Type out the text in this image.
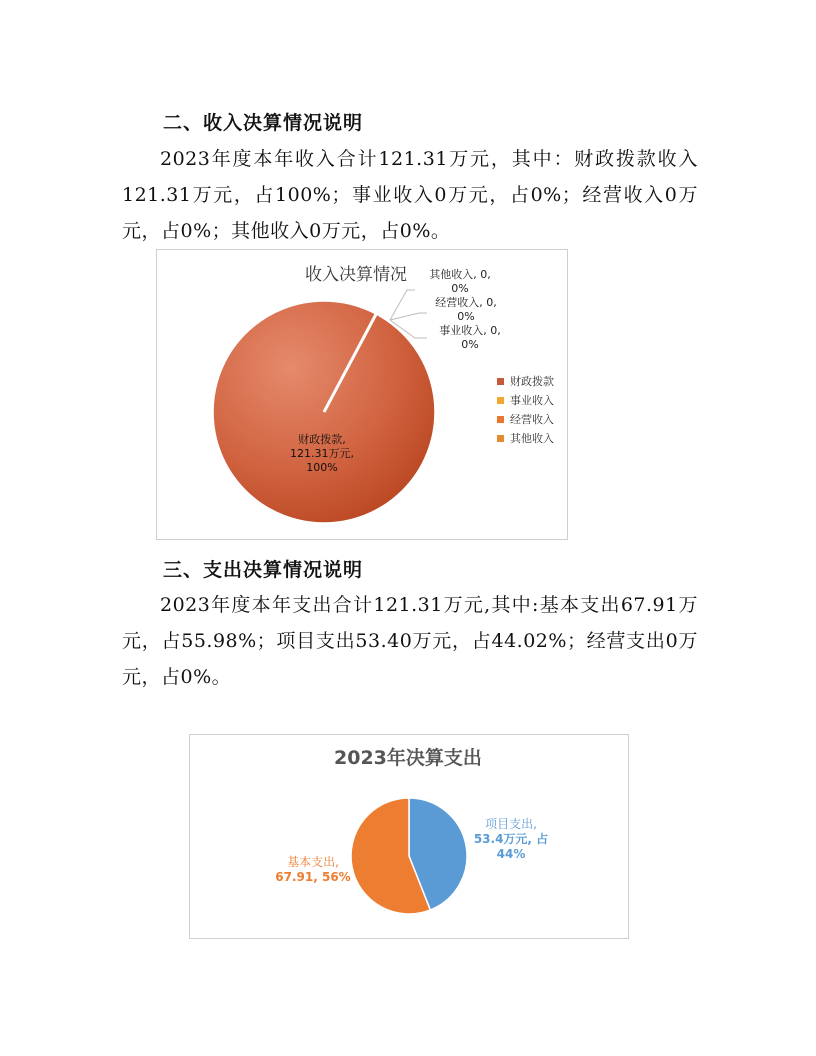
二、收入决算情况说明

2023年度本年收入合计121.31万元，其中：财政拨款收入121.31万元，占100%；事业收入0万元，占0%；经营收入0万元，占0%；其他收入0万元，占0%。

收入决算情况	其他收入, 0,
0%
经营收入, 0,
0%
事业收入, 0,
0%
财政拨款,
121.31万元,
100%
财政拨款
事业收入
经营收入
其他收入
三、支出决算情况说明

2023年度本年支出合计121.31万元,其中:基本支出67.91万元，占55.98%；项目支出53.40万元，占44.02%；经营支出0万元，占0%。

2023年决算支出
项目支出,
53.4万元, 占
44%
基本支出,
67.91, 56%
